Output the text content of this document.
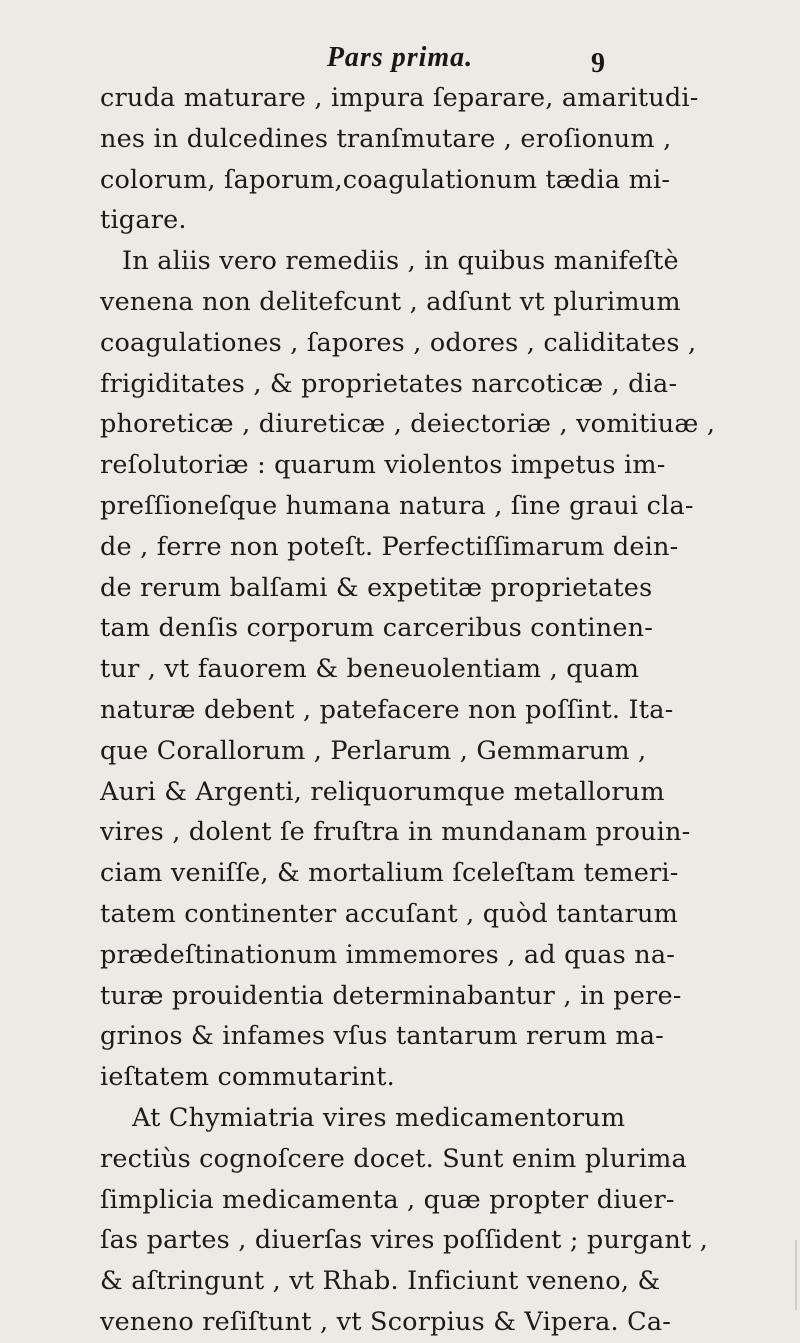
Pars prima.	9
cruda maturare , impura ſeparare, amaritudi-
nes in dulcedines tranſmutare , eroſionum ,
colorum, ſaporum,coagulationum tædia mi-
tigare.
In aliis vero remediis , in quibus manifeſtè
venena non delitefcunt , adſunt vt plurimum
coagulationes , ſapores , odores , caliditates ,
frigiditates , & proprietates narcoticæ , dia-
phoreticæ , diureticæ , deiectoriæ , vomitiuæ ,
reſolutoriæ : quarum violentos impetus im-
preſſioneſque humana natura , ſine graui cla-
de , ferre non poteſt. Perfectiſſimarum dein-
de rerum balſami & expetitæ proprietates
tam denſis corporum carceribus continen-
tur , vt fauorem & beneuolentiam , quam
naturæ debent , patefacere non poſſint. Ita-
que Corallorum , Perlarum , Gemmarum ,
Auri & Argenti, reliquorumque metallorum
vires , dolent ſe fruſtra in mundanam prouin-
ciam veniſſe, & mortalium ſceleſtam temeri-
tatem continenter accuſant , quòd tantarum
prædeſtinationum immemores , ad quas na-
turæ prouidentia determinabantur , in pere-
grinos & infames vſus tantarum rerum ma-
ieſtatem commutarint.
At Chymiatria vires medicamentorum
rectiùs cognoſcere docet. Sunt enim plurima
ſimplicia medicamenta , quæ propter diuer-
ſas partes , diuerſas vires poſſident ; purgant ,
& aſtringunt , vt Rhab. Inficiunt veneno, &
veneno reſiſtunt , vt Scorpius & Vipera. Ca-
